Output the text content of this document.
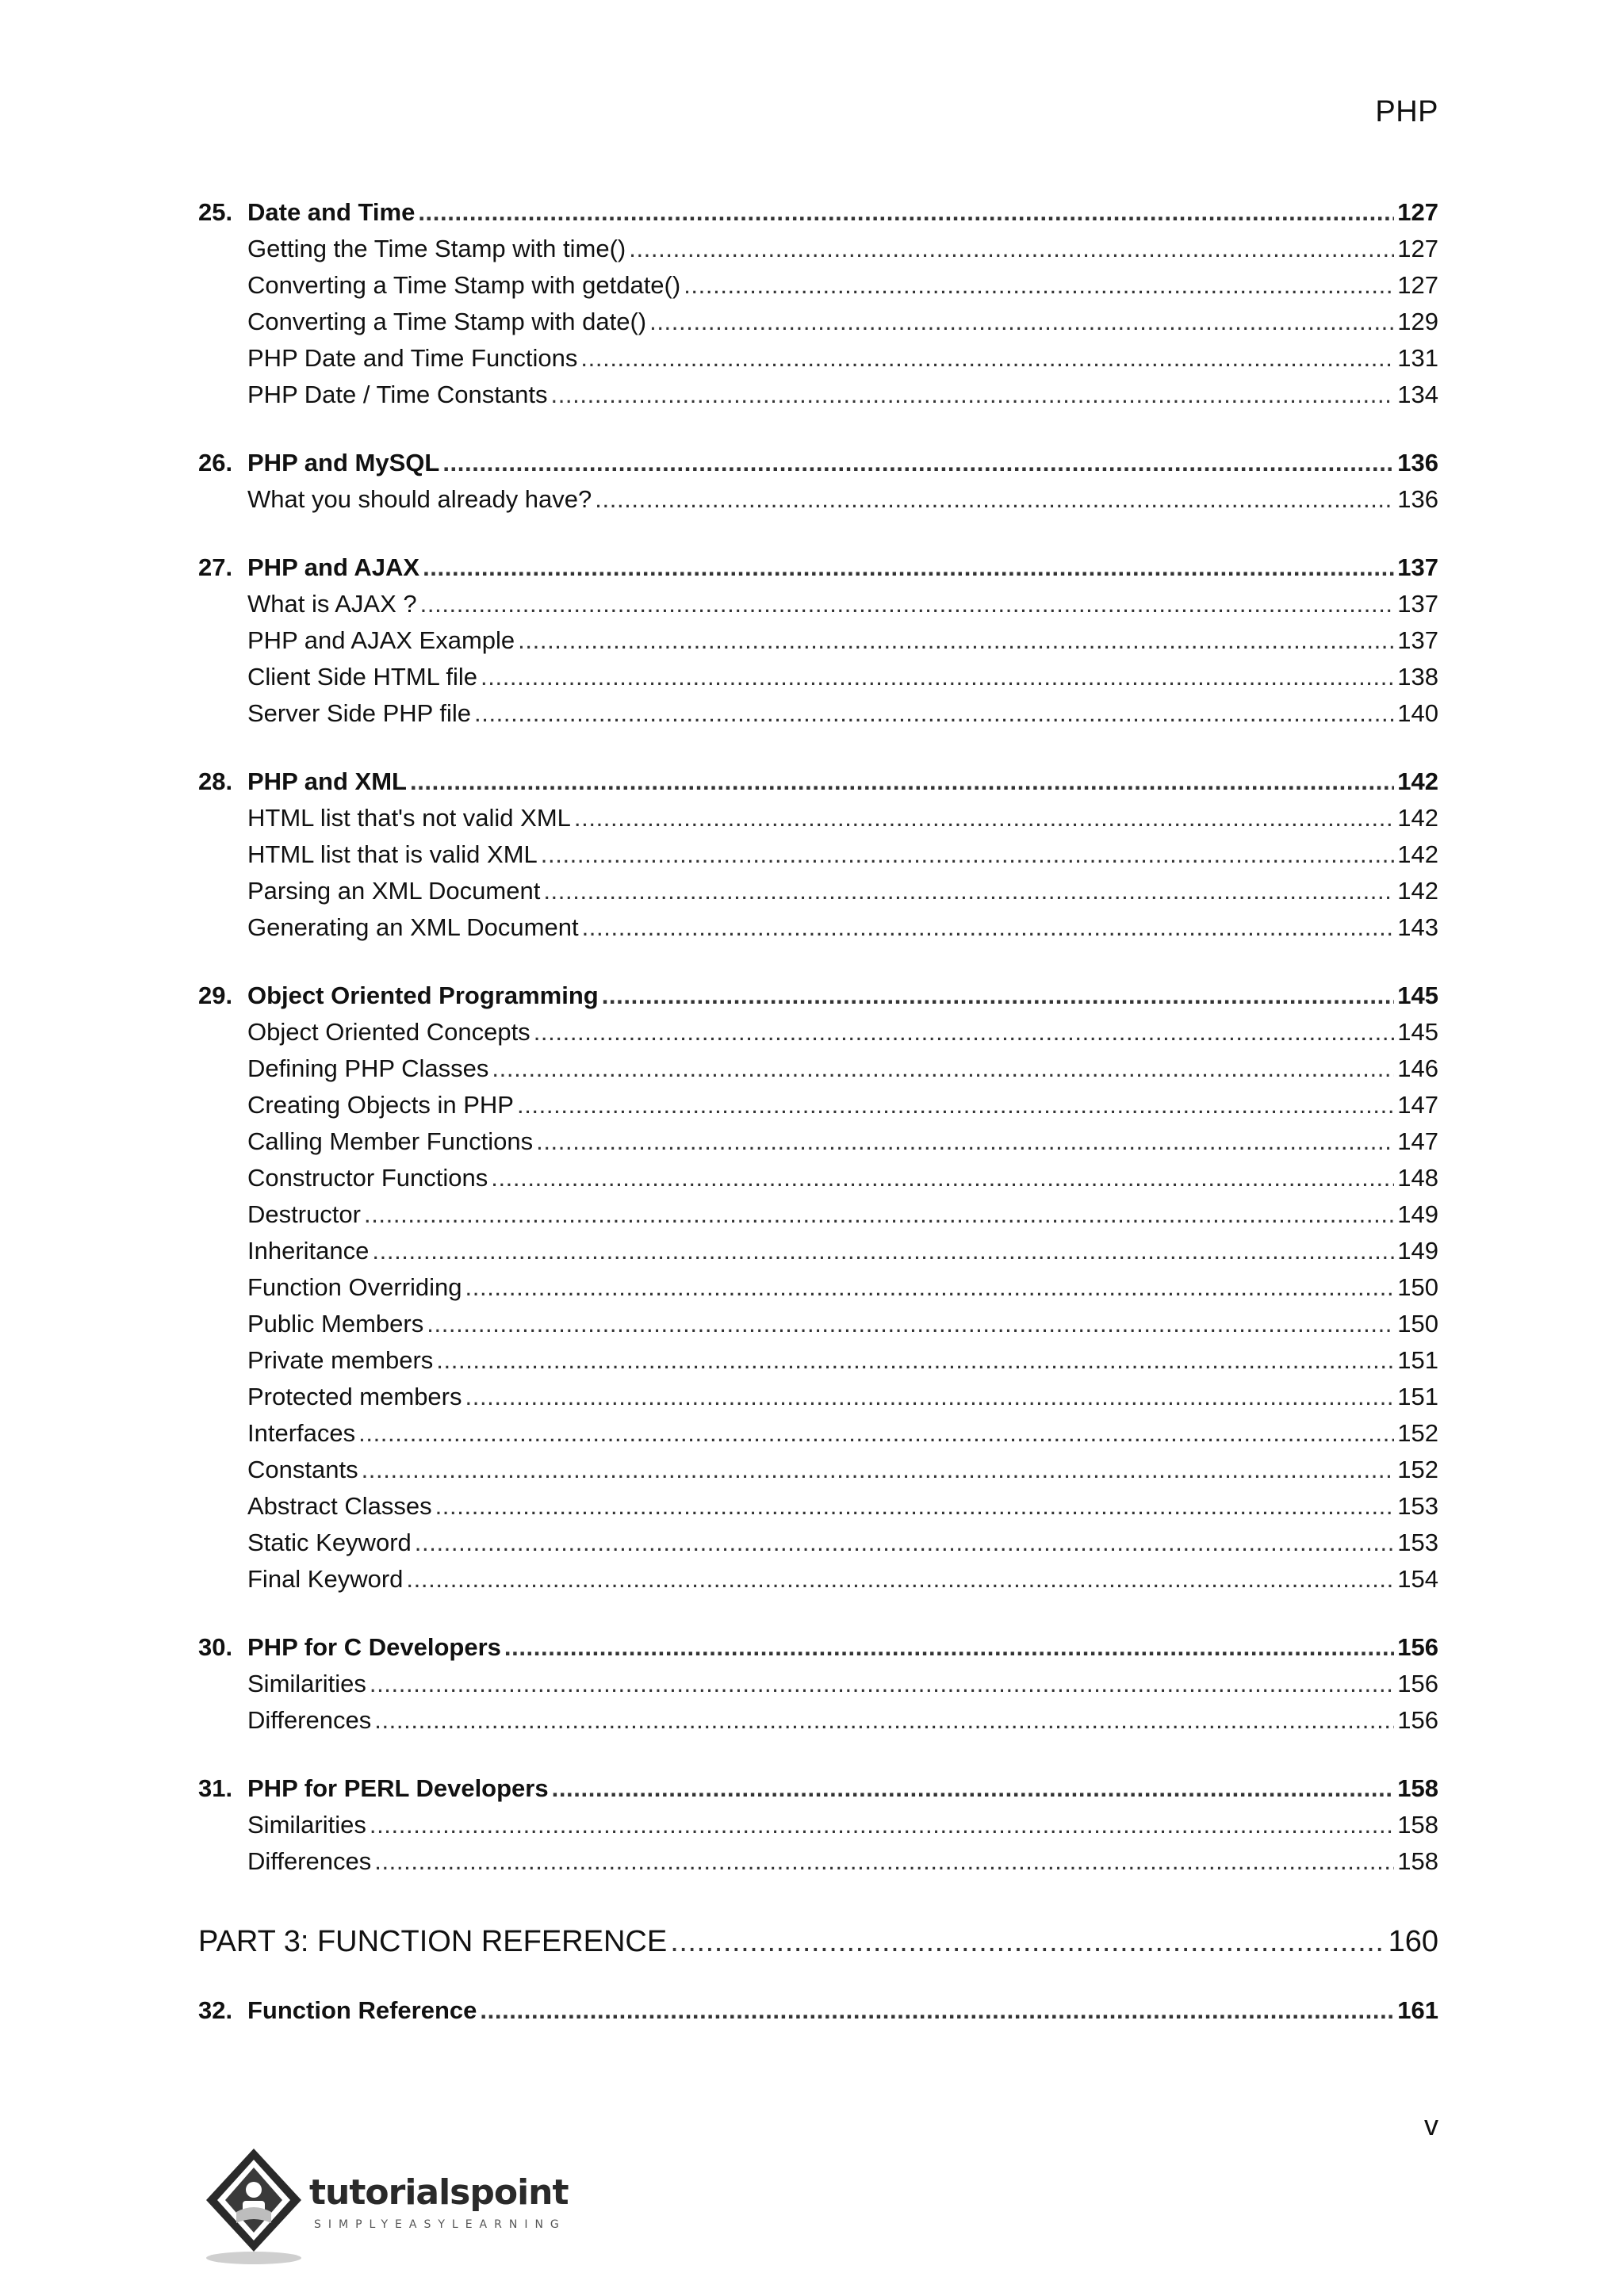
PHP
25. Date and Time . . .	127
Getting the Time Stamp with time() . . .	127
Converting a Time Stamp with getdate() . . .	127
Converting a Time Stamp with date() . . .	129
PHP Date and Time Functions . . .	131
PHP Date / Time Constants . . .	134
26. PHP and MySQL . . .	136
What you should already have? . . .	136
27. PHP and AJAX . . .	137
What is AJAX ? . . .	137
PHP and AJAX Example . . .	137
Client Side HTML file . . .	138
Server Side PHP file . . .	140
28. PHP and XML . . .	142
HTML list that's not valid XML . . .	142
HTML list that is valid XML . . .	142
Parsing an XML Document . . .	142
Generating an XML Document . . .	143
29. Object Oriented Programming . . .	145
Object Oriented Concepts . . .	145
Defining PHP Classes . . .	146
Creating Objects in PHP . . .	147
Calling Member Functions . . .	147
Constructor Functions . . .	148
Destructor . . .	149
Inheritance . . .	149
Function Overriding . . .	150
Public Members . . .	150
Private members . . .	151
Protected members . . .	151
Interfaces . . .	152
Constants . . .	152
Abstract Classes . . .	153
Static Keyword . . .	153
Final Keyword . . .	154
30. PHP for C Developers . . .	156
Similarities . . .	156
Differences . . .	156
31. PHP for PERL Developers . . .	158
Similarities . . .	158
Differences . . .	158
PART 3: FUNCTION REFERENCE . . .	160
32. Function Reference . . .	161
v
tutorialspoint
SIMPLYEASYLEARNING
